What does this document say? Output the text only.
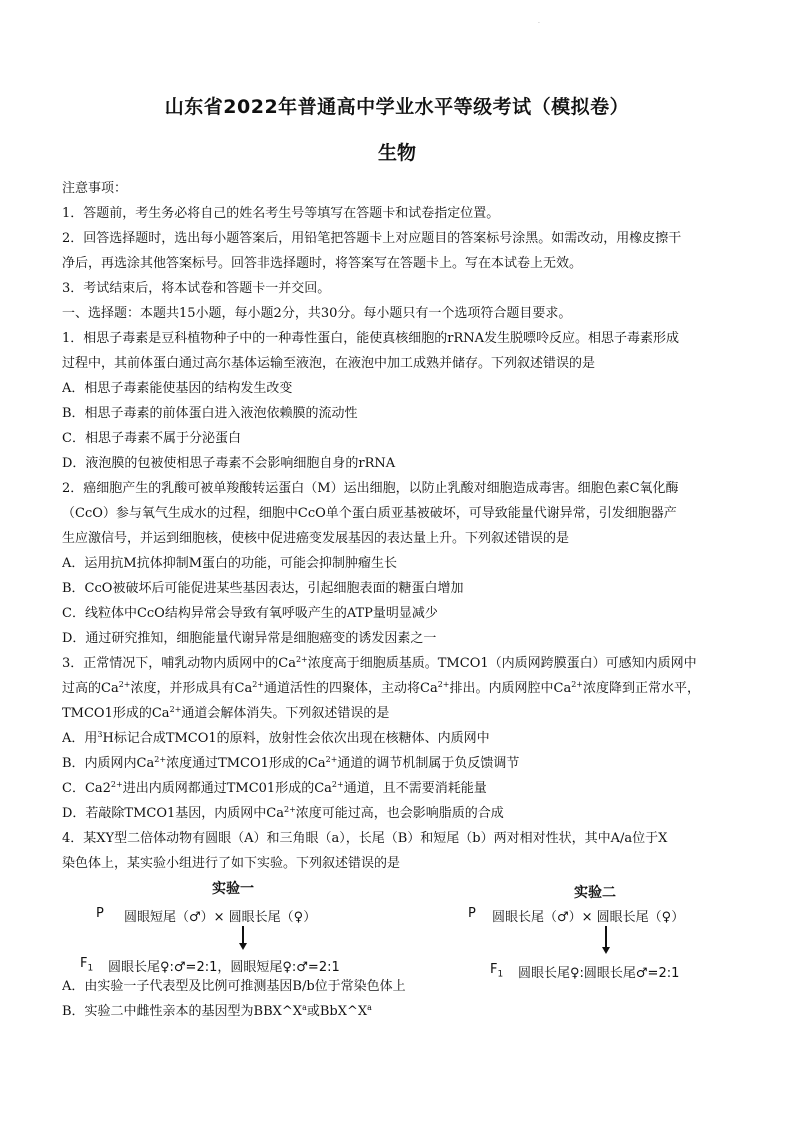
.
山东省2022年普通高中学业水平等级考试（模拟卷）
生物
注意事项：
1．答题前，考生务必将自己的姓名考生号等填写在答题卡和试卷指定位置。
2．回答选择题时，选出每小题答案后，用铅笔把答题卡上对应题目的答案标号涂黑。如需改动，用橡皮擦干
净后，再选涂其他答案标号。回答非选择题时，将答案写在答题卡上。写在本试卷上无效。
3．考试结束后，将本试卷和答题卡一并交回。
一、选择题：本题共15小题，每小题2分，共30分。每小题只有一个选项符合题目要求。
1．相思子毒素是豆科植物种子中的一种毒性蛋白，能使真核细胞的rRNA发生脱嘌呤反应。相思子毒素形成
过程中，其前体蛋白通过高尔基体运输至液泡，在液泡中加工成熟并储存。下列叙述错误的是
A．相思子毒素能使基因的结构发生改变
B．相思子毒素的前体蛋白进入液泡依赖膜的流动性
C．相思子毒素不属于分泌蛋白
D．液泡膜的包被使相思子毒素不会影响细胞自身的rRNA
2．癌细胞产生的乳酸可被单羧酸转运蛋白（M）运出细胞，以防止乳酸对细胞造成毒害。细胞色素C氧化酶
（CcO）参与氧气生成水的过程，细胞中CcO单个蛋白质亚基被破坏，可导致能量代谢异常，引发细胞器产
生应激信号，并运到细胞核，使核中促进癌变发展基因的表达量上升。下列叙述错误的是
A．运用抗M抗体抑制M蛋白的功能，可能会抑制肿瘤生长
B．CcO被破坏后可能促进某些基因表达，引起细胞表面的糖蛋白增加
C．线粒体中CcO结构异常会导致有氧呼吸产生的ATP量明显减少
D．通过研究推知，细胞能量代谢异常是细胞癌变的诱发因素之一
3．正常情况下，哺乳动物内质网中的$Ca^{2+}$浓度高于细胞质基质。TMCO1（内质网跨膜蛋白）可感知内质网中
过高的$Ca^{2+}$浓度，并形成具有$Ca^{2+}$通道活性的四聚体，主动将$Ca^{2+}$排出。内质网腔中$Ca^{2+}$浓度降到正常水平，
TMCO1形成的$Ca^{2+}$通道会解体消失。下列叙述错误的是
A．用$^3$H标记合成TMCO1的原料，放射性会依次出现在核糖体、内质网中
B．内质网内$Ca^{2+}$浓度通过TMCO1形成的$Ca^{2+}$通道的调节机制属于负反馈调节
C．$Ca2^{2+}$进出内质网都通过TMC01形成的$Ca^{2+}$通道，且不需要消耗能量
D．若敲除TMCO1基因，内质网中$Ca^{2+}$浓度可能过高，也会影响脂质的合成
4．某XY型二倍体动物有圆眼（A）和三角眼（a），长尾（B）和短尾（b）两对相对性状，其中A/a位于X
染色体上，某实验小组进行了如下实验。下列叙述错误的是
实验一
P 圆眼短尾（♂）× 圆眼长尾（♀）
$F_1$ 圆眼长尾♀:♂=2:1，圆眼短尾♀:♂=2:1
实验二
P 圆眼长尾（♂）× 圆眼长尾（♀）
$F_1$ 圆眼长尾♀:圆眼长尾♂=2:1
A．由实验一子代表型及比例可推测基因B/b位于常染色体上
B．实验二中雌性亲本的基因型为$BBX\^{}X^a$或$BbX\^{}X^a$
